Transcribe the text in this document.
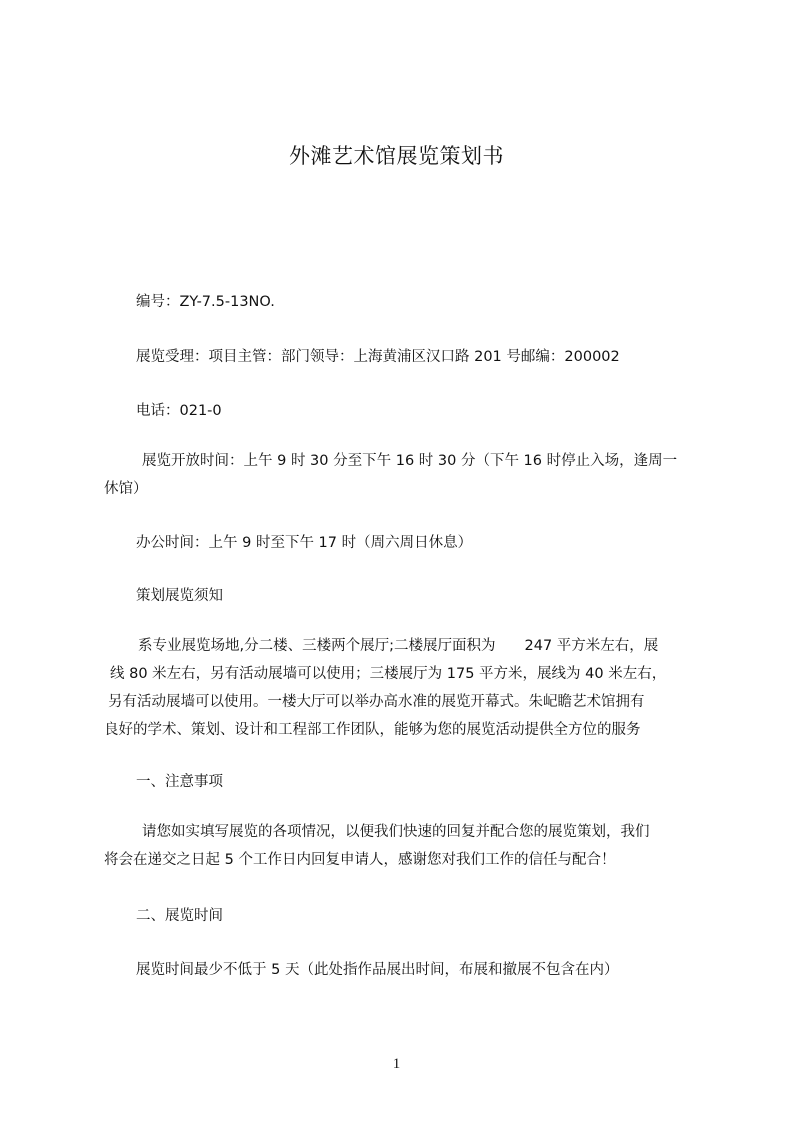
外滩艺术馆展览策划书
编号：ZY-7.5-13NO.
展览受理：项目主管：部门领导：上海黄浦区汉口路 201 号邮编：200002
电话：021-0
展览开放时间：上午 9 时 30 分至下午 16 时 30 分（下午 16 时停止入场，逢周一
休馆）
办公时间：上午 9 时至下午 17 时（周六周日休息）
策划展览须知
系专业展览场地,分二楼、三楼两个展厅;二楼展厅面积为　　247 平方米左右，展
线 80 米左右，另有活动展墙可以使用；三楼展厅为 175 平方米，展线为 40 米左右，
另有活动展墙可以使用。一楼大厅可以举办高水准的展览开幕式。朱屺瞻艺术馆拥有
良好的学术、策划、设计和工程部工作团队，能够为您的展览活动提供全方位的服务
一、注意事项
请您如实填写展览的各项情况，以便我们快速的回复并配合您的展览策划，我们
将会在递交之日起 5 个工作日内回复申请人，感谢您对我们工作的信任与配合！
二、展览时间
展览时间最少不低于 5 天（此处指作品展出时间，布展和撤展不包含在内）
1
